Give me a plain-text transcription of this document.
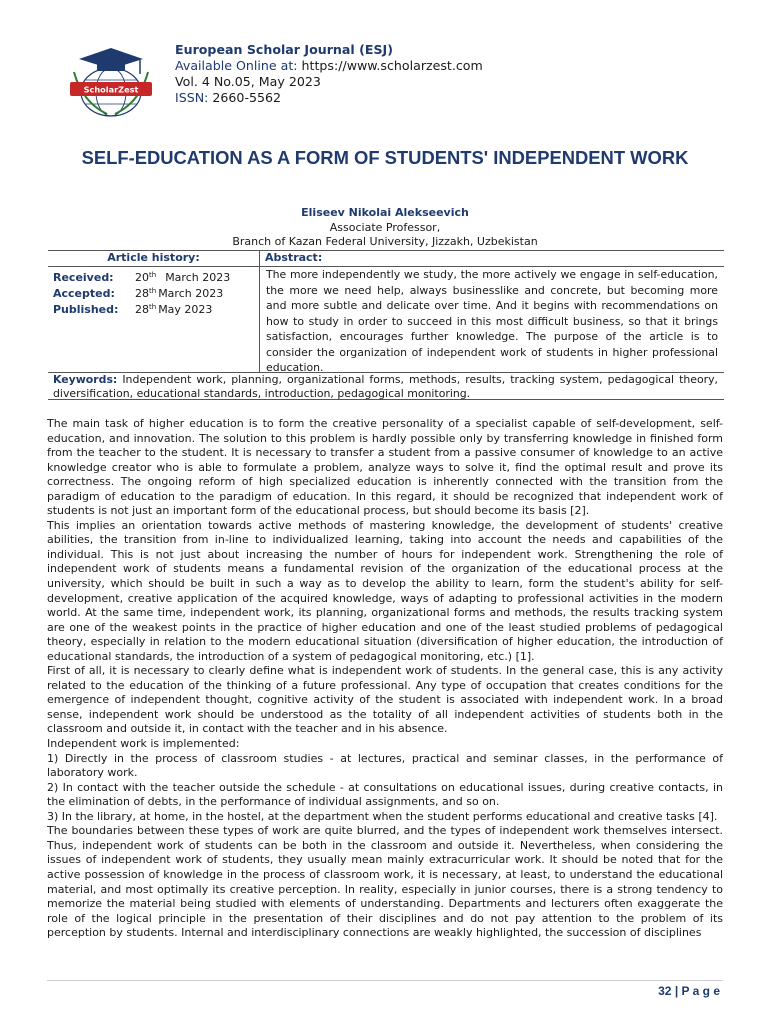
ScholarZest
European Scholar Journal (ESJ)
Available Online at: https://www.scholarzest.com
Vol. 4 No.05, May 2023
ISSN: 2660-5562
SELF-EDUCATION AS A FORM OF STUDENTS' INDEPENDENT WORK
Eliseev Nikolai Alekseevich
Associate Professor,
Branch of Kazan Federal University, Jizzakh, Uzbekistan
Article history:	Abstract:
Received: 20th March 2023
Accepted: 28th March 2023
Published: 28th May 2023
The more independently we study, the more actively we engage in self-education, the more we need help, always businesslike and concrete, but becoming more and more subtle and delicate over time. And it begins with recommendations on how to study in order to succeed in this most difficult business, so that it brings satisfaction, encourages further knowledge. The purpose of the article is to consider the organization of independent work of students in higher professional education.
Keywords: Independent work, planning, organizational forms, methods, results, tracking system, pedagogical theory, diversification, educational standards, introduction, pedagogical monitoring.

The main task of higher education is to form the creative personality of a specialist capable of self-development, self-education, and innovation. The solution to this problem is hardly possible only by transferring knowledge in finished form from the teacher to the student. It is necessary to transfer a student from a passive consumer of knowledge to an active knowledge creator who is able to formulate a problem, analyze ways to solve it, find the optimal result and prove its correctness. The ongoing reform of high specialized education is inherently connected with the transition from the paradigm of education to the paradigm of education. In this regard, it should be recognized that independent work of students is not just an important form of the educational process, but should become its basis [2].

This implies an orientation towards active methods of mastering knowledge, the development of students' creative abilities, the transition from in-line to individualized learning, taking into account the needs and capabilities of the individual. This is not just about increasing the number of hours for independent work. Strengthening the role of independent work of students means a fundamental revision of the organization of the educational process at the university, which should be built in such a way as to develop the ability to learn, form the student's ability for self-development, creative application of the acquired knowledge, ways of adapting to professional activities in the modern world. At the same time, independent work, its planning, organizational forms and methods, the results tracking system are one of the weakest points in the practice of higher education and one of the least studied problems of pedagogical theory, especially in relation to the modern educational situation (diversification of higher education, the introduction of educational standards, the introduction of a system of pedagogical monitoring, etc.) [1].

First of all, it is necessary to clearly define what is independent work of students. In the general case, this is any activity related to the education of the thinking of a future professional. Any type of occupation that creates conditions for the emergence of independent thought, cognitive activity of the student is associated with independent work. In a broad sense, independent work should be understood as the totality of all independent activities of students both in the classroom and outside it, in contact with the teacher and in his absence.

Independent work is implemented:

1) Directly in the process of classroom studies - at lectures, practical and seminar classes, in the performance of laboratory work.

2) In contact with the teacher outside the schedule - at consultations on educational issues, during creative contacts, in the elimination of debts, in the performance of individual assignments, and so on.

3) In the library, at home, in the hostel, at the department when the student performs educational and creative tasks [4].

The boundaries between these types of work are quite blurred, and the types of independent work themselves intersect. Thus, independent work of students can be both in the classroom and outside it. Nevertheless, when considering the issues of independent work of students, they usually mean mainly extracurricular work. It should be noted that for the active possession of knowledge in the process of classroom work, it is necessary, at least, to understand the educational material, and most optimally its creative perception. In reality, especially in junior courses, there is a strong tendency to memorize the material being studied with elements of understanding. Departments and lecturers often exaggerate the role of the logical principle in the presentation of their disciplines and do not pay attention to the problem of its perception by students. Internal and interdisciplinary connections are weakly highlighted, the succession of disciplines

32 | P a g e
